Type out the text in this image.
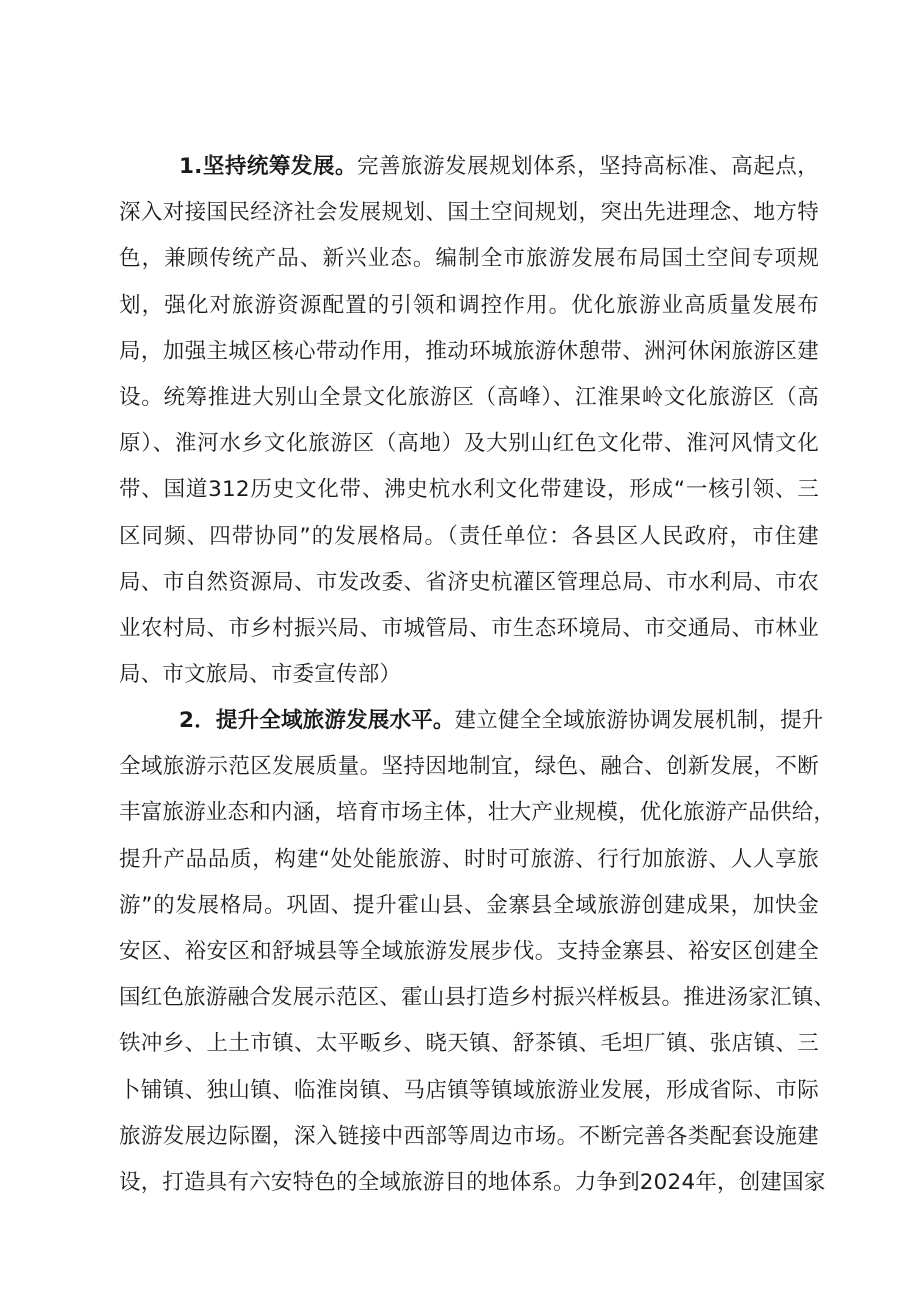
1.坚持统筹发展。完善旅游发展规划体系，坚持高标准、高起点，
深入对接国民经济社会发展规划、国土空间规划，突出先进理念、地方特
色，兼顾传统产品、新兴业态。编制全市旅游发展布局国土空间专项规
划，强化对旅游资源配置的引领和调控作用。优化旅游业高质量发展布
局，加强主城区核心带动作用，推动环城旅游休憩带、洲河休闲旅游区建
设。统筹推进大别山全景文化旅游区（高峰）、江淮果岭文化旅游区（高
原）、淮河水乡文化旅游区（高地）及大别山红色文化带、淮河风情文化
带、国道312历史文化带、沸史杭水利文化带建设，形成“一核引领、三
区同频、四带协同”的发展格局。（责任单位：各县区人民政府，市住建
局、市自然资源局、市发改委、省济史杭灌区管理总局、市水利局、市农
业农村局、市乡村振兴局、市城管局、市生态环境局、市交通局、市林业
局、市文旅局、市委宣传部）
2．提升全域旅游发展水平。建立健全全域旅游协调发展机制，提升
全域旅游示范区发展质量。坚持因地制宜，绿色、融合、创新发展，不断
丰富旅游业态和内涵，培育市场主体，壮大产业规模，优化旅游产品供给，
提升产品品质，构建“处处能旅游、时时可旅游、行行加旅游、人人享旅
游”的发展格局。巩固、提升霍山县、金寨县全域旅游创建成果，加快金
安区、裕安区和舒城县等全域旅游发展步伐。支持金寨县、裕安区创建全
国红色旅游融合发展示范区、霍山县打造乡村振兴样板县。推进汤家汇镇、
铁冲乡、上土市镇、太平畈乡、晓天镇、舒茶镇、毛坦厂镇、张店镇、三
卜铺镇、独山镇、临淮岗镇、马店镇等镇域旅游业发展，形成省际、市际
旅游发展边际圈，深入链接中西部等周边市场。不断完善各类配套设施建
设，打造具有六安特色的全域旅游目的地体系。力争到2024年，创建国家
